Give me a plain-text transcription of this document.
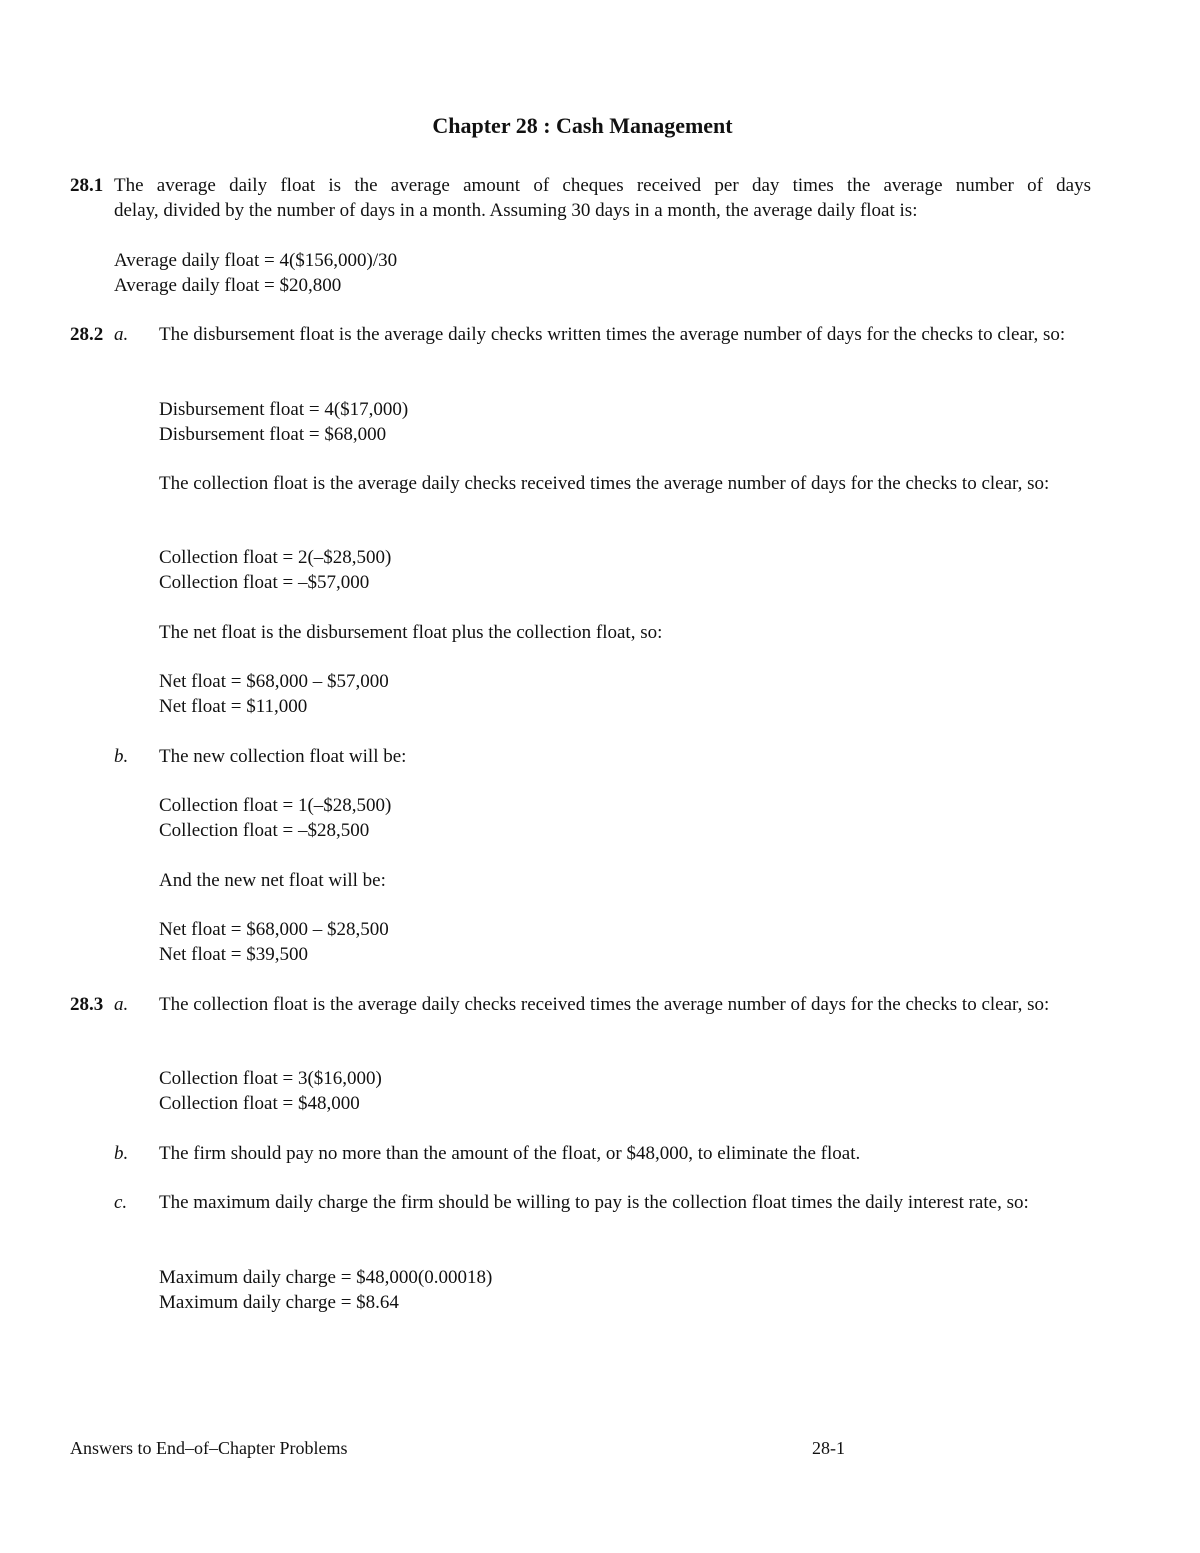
Chapter 28 : Cash Management
28.1 The average daily float is the average amount of cheques received per day times the average number of days
delay, divided by the number of days in a month. Assuming 30 days in a month, the average daily float is:
Average daily float = 4($156,000)/30
Average daily float = $20,800
28.2 a. The disbursement float is the average daily checks written times the average number of days for the checks to clear, so:
Disbursement float = 4($17,000)
Disbursement float = $68,000
The collection float is the average daily checks received times the average number of days for the checks to clear, so:
Collection float = 2(–$28,500)
Collection float = –$57,000
The net float is the disbursement float plus the collection float, so:
Net float = $68,000 – $57,000
Net float = $11,000
b. The new collection float will be:
Collection float = 1(–$28,500)
Collection float = –$28,500
And the new net float will be:
Net float = $68,000 – $28,500
Net float = $39,500
28.3 a. The collection float is the average daily checks received times the average number of days for the checks to clear, so:
Collection float = 3($16,000)
Collection float = $48,000
b. The firm should pay no more than the amount of the float, or $48,000, to eliminate the float.
c. The maximum daily charge the firm should be willing to pay is the collection float times the daily interest rate, so:
Maximum daily charge = $48,000(0.00018)
Maximum daily charge = $8.64
Answers to End–of–Chapter Problems	28-1
